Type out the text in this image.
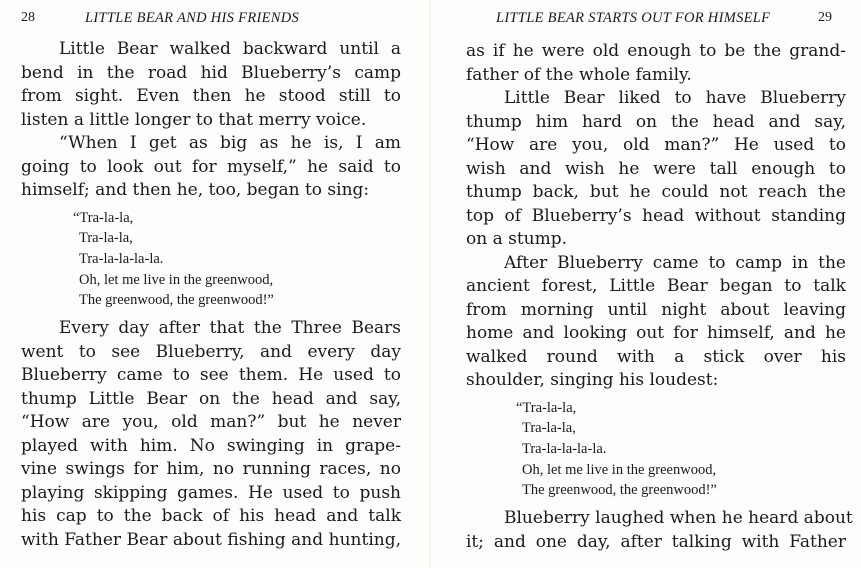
28	LITTLE BEAR AND HIS FRIENDS
Little Bear walked backward until a
bend in the road hid Blueberry’s camp
from sight. Even then he stood still to
listen a little longer to that merry voice.
“When I get as big as he is, I am
going to look out for myself,” he said to
himself; and then he, too, began to sing:
“Tra-la-la,
Tra-la-la,
Tra-la-la-la-la.
Oh, let me live in the greenwood,
The greenwood, the greenwood!”
Every day after that the Three Bears
went to see Blueberry, and every day
Blueberry came to see them. He used to
thump Little Bear on the head and say,
“How are you, old man?” but he never
played with him. No swinging in grape-
vine swings for him, no running races, no
playing skipping games. He used to push
his cap to the back of his head and talk
with Father Bear about fishing and hunting,
LITTLE BEAR STARTS OUT FOR HIMSELF	29
as if he were old enough to be the grand-
father of the whole family.
Little Bear liked to have Blueberry
thump him hard on the head and say,
“How are you, old man?” He used to
wish and wish he were tall enough to
thump back, but he could not reach the
top of Blueberry’s head without standing
on a stump.
After Blueberry came to camp in the
ancient forest, Little Bear began to talk
from morning until night about leaving
home and looking out for himself, and he
walked round with a stick over his
shoulder, singing his loudest:
“Tra-la-la,
Tra-la-la,
Tra-la-la-la-la.
Oh, let me live in the greenwood,
The greenwood, the greenwood!”
Blueberry laughed when he heard about
it; and one day, after talking with Father
